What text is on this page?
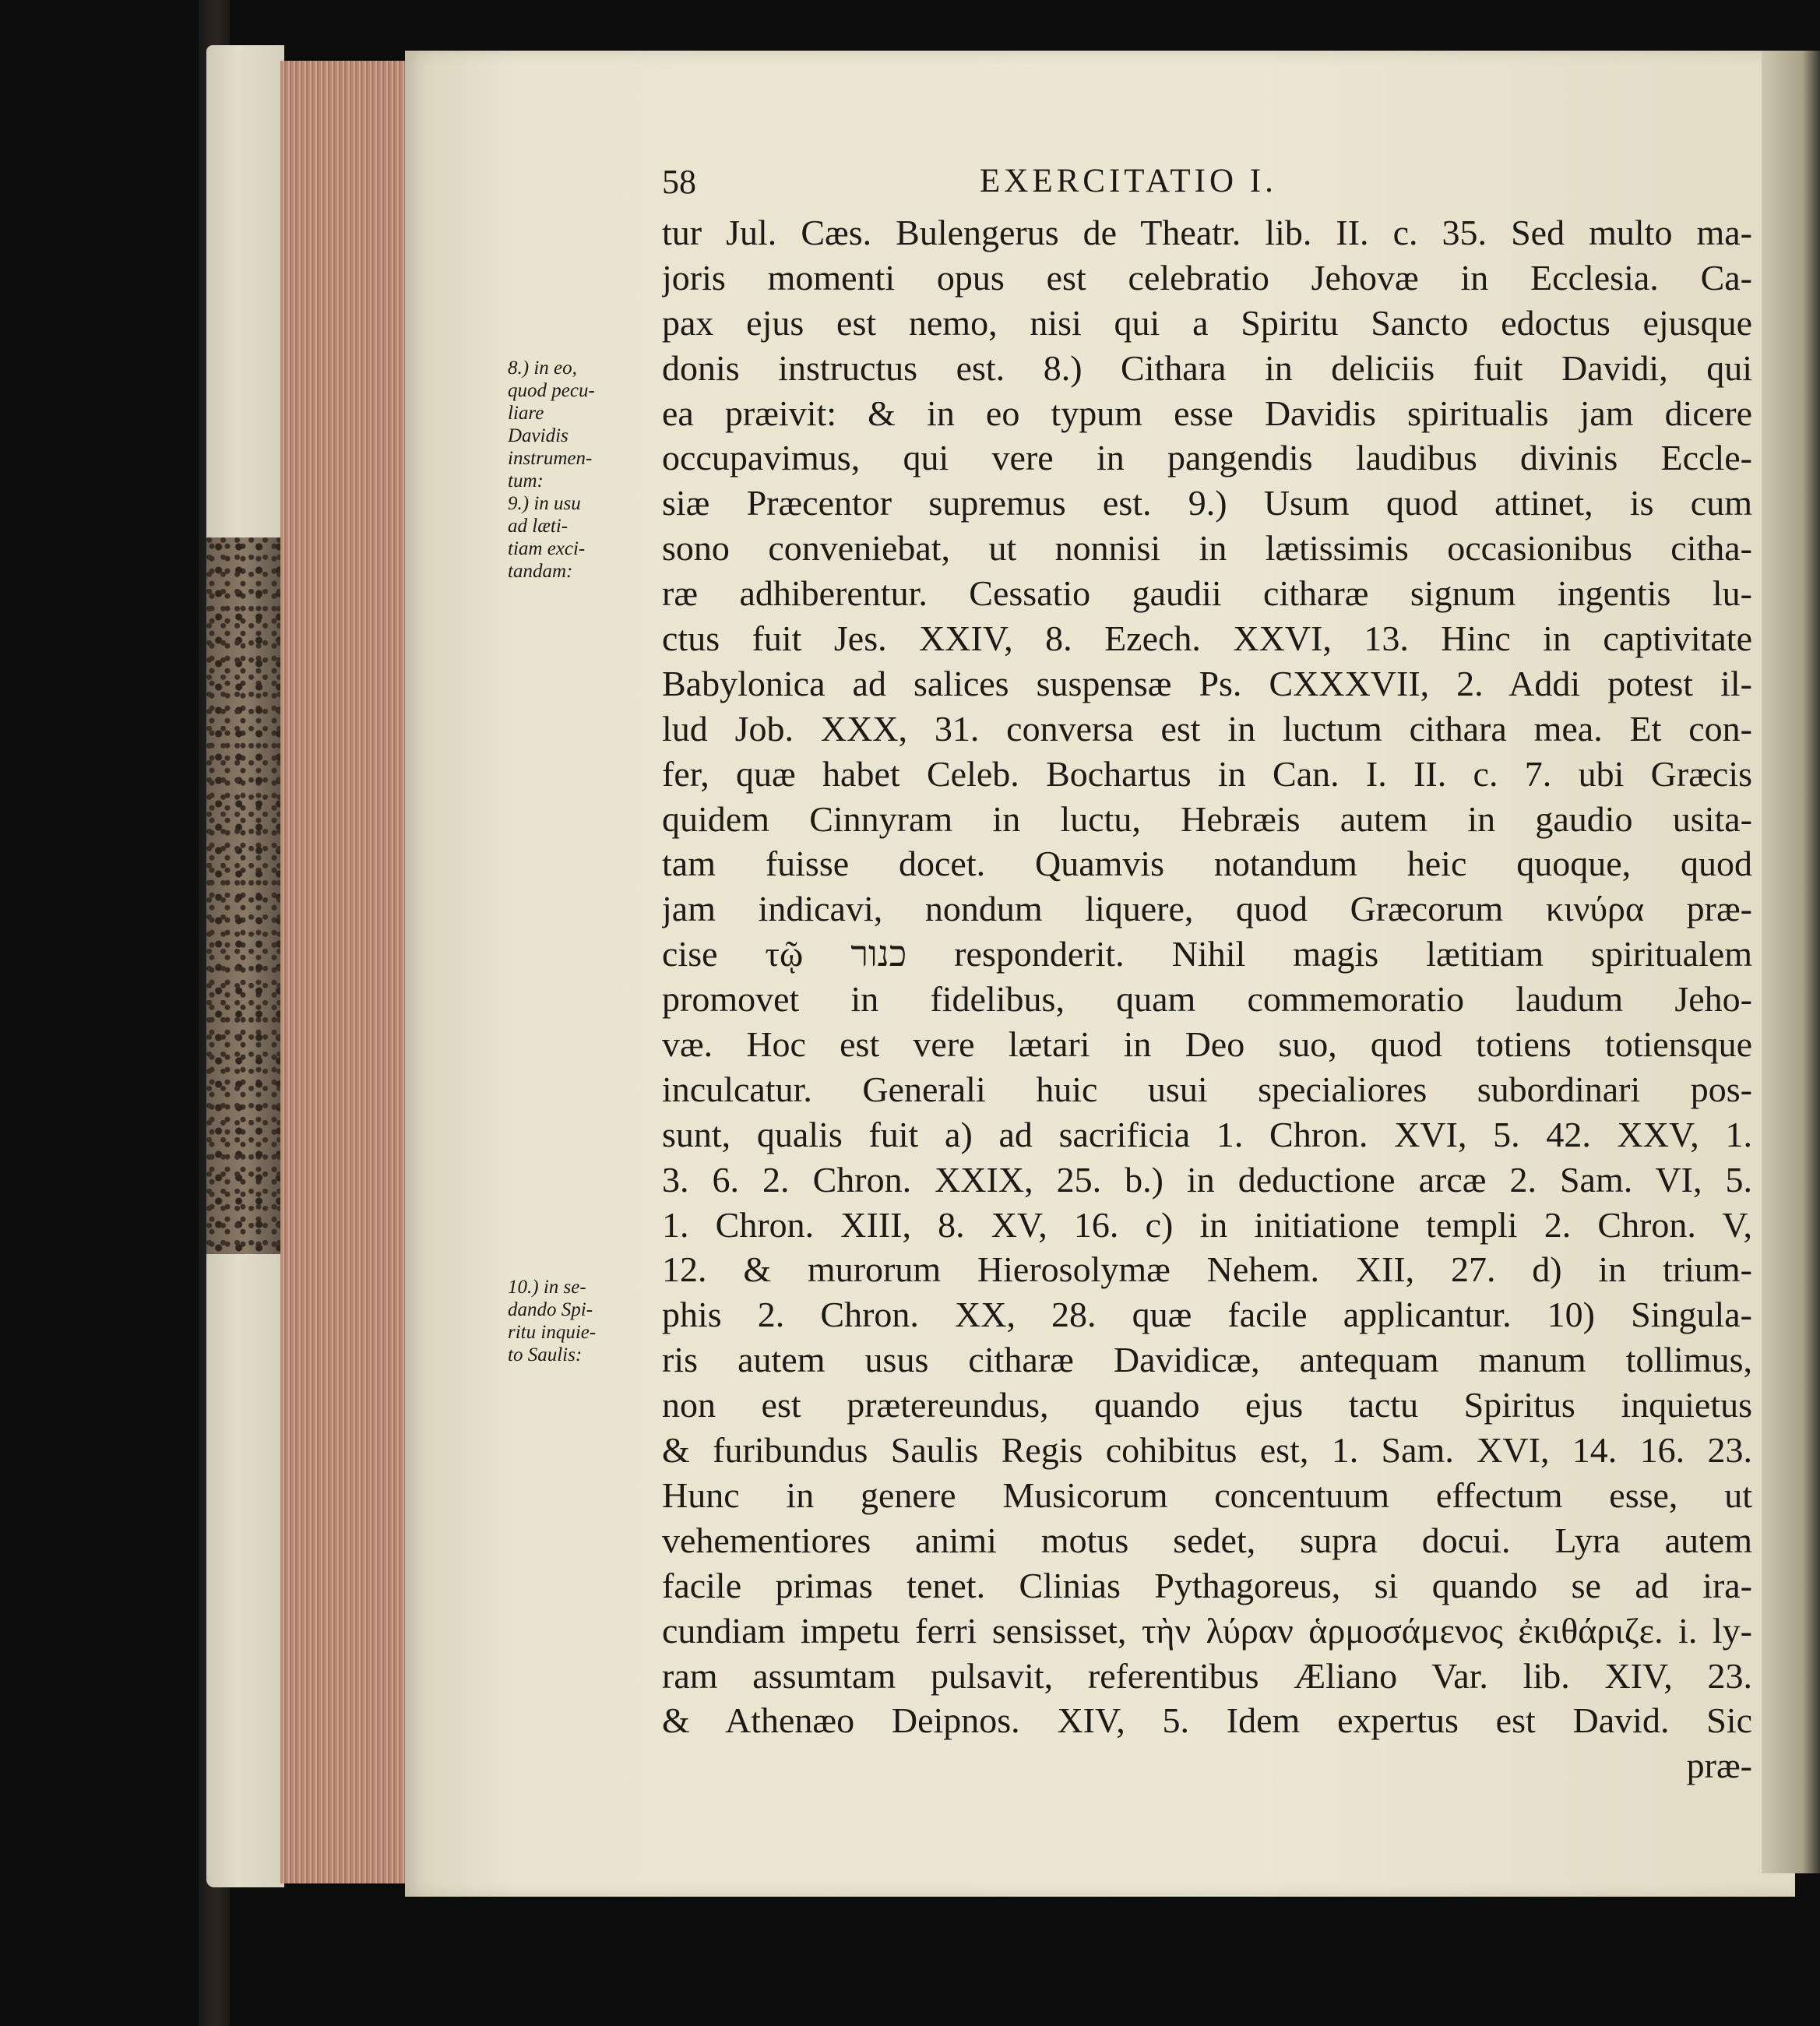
58	EXERCITATIO I.
8.) in eo,
quod pecu-
liare
Davidis
instrumen-
tum:
9.) in usu
ad læti-
tiam exci-
tandam:
10.) in se-
dando Spi-
ritu inquie-
to Saulis:
tur Jul. Cæs. Bulengerus de Theatr. lib. II. c. 35. Sed multo ma-
joris momenti opus est celebratio Jehovæ in Ecclesia. Ca-
pax ejus est nemo, nisi qui a Spiritu Sancto edoctus ejusque
donis instructus est. 8.) Cithara in deliciis fuit Davidi, qui
ea præivit: & in eo typum esse Davidis spiritualis jam dicere
occupavimus, qui vere in pangendis laudibus divinis Eccle-
siæ Præcentor supremus est. 9.) Usum quod attinet, is cum
sono conveniebat, ut nonnisi in lætissimis occasionibus citha-
ræ adhiberentur. Cessatio gaudii citharæ signum ingentis lu-
ctus fuit Jes. XXIV, 8. Ezech. XXVI, 13. Hinc in captivitate
Babylonica ad salices suspensæ Ps. CXXXVII, 2. Addi potest il-
lud Job. XXX, 31. conversa est in luctum cithara mea. Et con-
fer, quæ habet Celeb. Bochartus in Can. I. II. c. 7. ubi Græcis
quidem Cinnyram in luctu, Hebræis autem in gaudio usita-
tam fuisse docet. Quamvis notandum heic quoque, quod
jam indicavi, nondum liquere, quod Græcorum κινύρα præ-
cise τῷ כנור responderit. Nihil magis lætitiam spiritualem
promovet in fidelibus, quam commemoratio laudum Jeho-
væ. Hoc est vere lætari in Deo suo, quod totiens totiensque
inculcatur. Generali huic usui specialiores subordinari pos-
sunt, qualis fuit a) ad sacrificia 1. Chron. XVI, 5. 42. XXV, 1.
3. 6. 2. Chron. XXIX, 25. b.) in deductione arcæ 2. Sam. VI, 5.
1. Chron. XIII, 8. XV, 16. c) in initiatione templi 2. Chron. V,
12. & murorum Hierosolymæ Nehem. XII, 27. d) in trium-
phis 2. Chron. XX, 28. quæ facile applicantur. 10) Singula-
ris autem usus citharæ Davidicæ, antequam manum tollimus,
non est prætereundus, quando ejus tactu Spiritus inquietus
& furibundus Saulis Regis cohibitus est, 1. Sam. XVI, 14. 16. 23.
Hunc in genere Musicorum concentuum effectum esse, ut
vehementiores animi motus sedet, supra docui. Lyra autem
facile primas tenet. Clinias Pythagoreus, si quando se ad ira-
cundiam impetu ferri sensisset, τὴν λύραν ἁρμοσάμενος ἐκιθάριζε. i. ly-
ram assumtam pulsavit, referentibus Æliano Var. lib. XIV, 23.
& Athenæo Deipnos. XIV, 5. Idem expertus est David. Sic
præ-
